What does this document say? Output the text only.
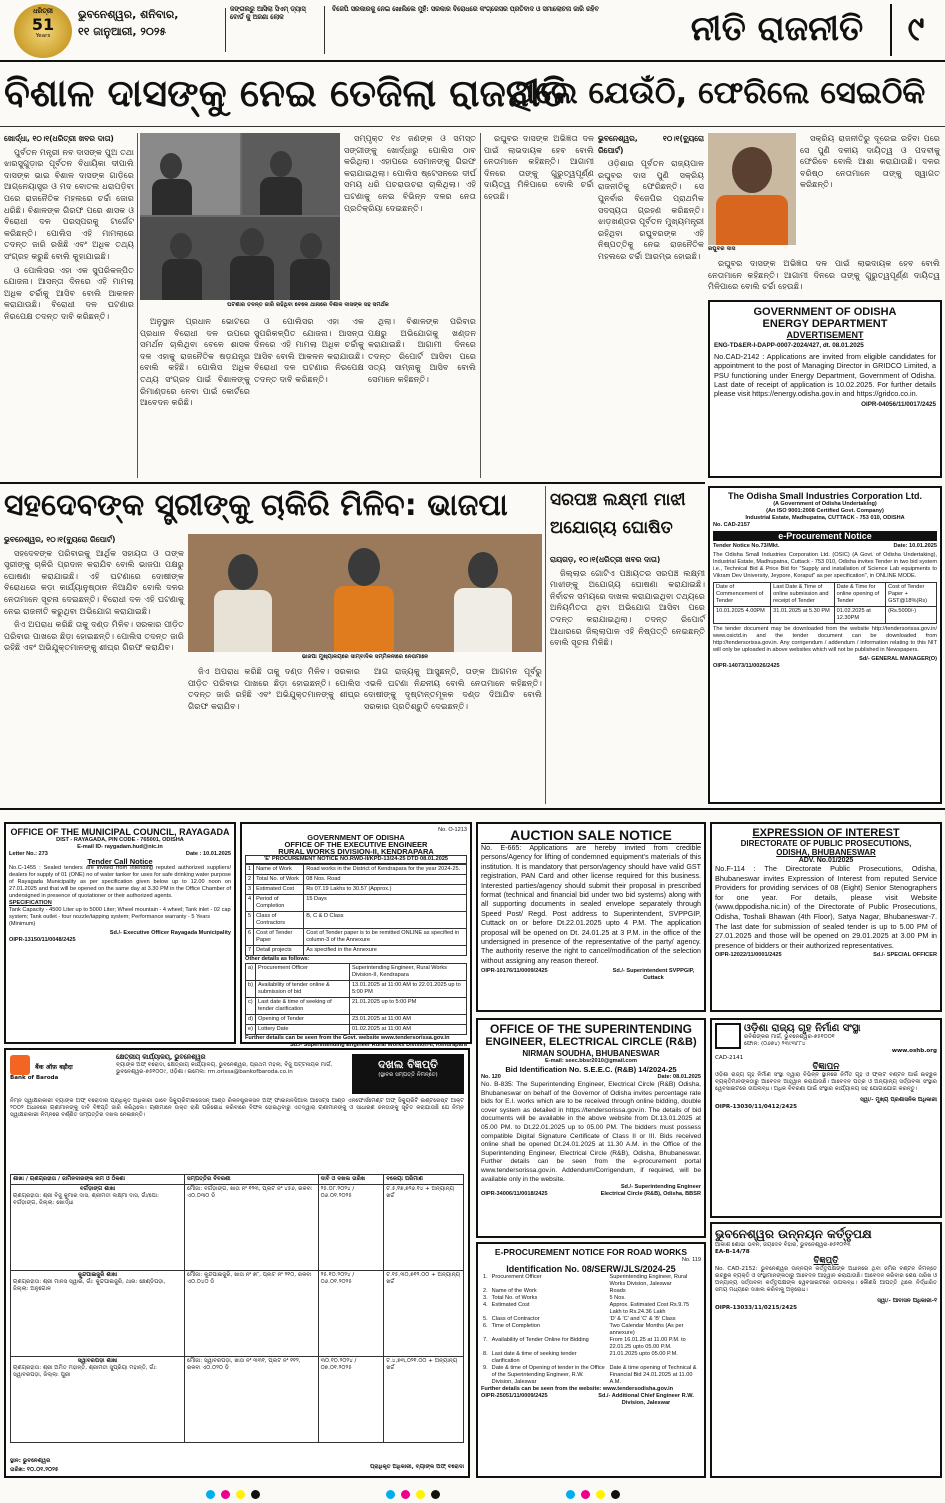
ଧରିତ୍ରୀ
51
Years
ଭୁବନେଶ୍ୱର, ଶନିବାର,
୧୧ ଜାନୁଆରୀ, ୨୦୨୫
ଜଙ୍ଗଲରୁ ଆସିଲା ସିଏମ୍ ଡ୍ୟାସ୍ ବୋର୍ଡ କୁ ଅଜଣା ଲୋକ
ବିଜେପି ସରକାରକୁ ନେଇ ଖୋଲିଲେ ମୁହଁ: ସରକାର ବିରୋଧରେ କଂଗ୍ରେସର ପ୍ରତିବାଦ ଓ ସମାଲୋଚନା ଜାରି ରହିବ	ନୀତି ରାଜନୀତି	୯
ବିଶାଳ ଦାସଙ୍କୁ ନେଇ ତେଜିଲା ରାଜନୀତି
ଥିଲେ ଯେଉଁଠି, ଫେରିଲେ ସେଇଠିକି
ଖୋର୍ଦ୍ଧା, ୧୦।୧(ଧରିତ୍ରୀ ଖବର ଦାତା)

ପୁର୍ବତନ ମନ୍ତ୍ରୀ ନବ ଦାସଙ୍କ ପୁଅ ତଥା ଝାରସୁଗୁଡ଼ାର ପୂର୍ବତନ ବିଧାୟିକା ଦୀପାଲି ଦାସଙ୍କ ଭାଇ ବିଶାଳ ଦାସଙ୍କ ଗାଡ଼ିରେ ଆଗ୍ନେୟାସ୍ତ୍ର ଓ ମଦ ବୋତଲ ଧରାପଡ଼ିବା ପରେ ରାଜନୈତିକ ମହଲରେ ଚର୍ଚ୍ଚା ଜୋର ଧରିଛି। ବିଶାଳଙ୍କ ଗିରଫ ପରେ ଶାସକ ଓ ବିରୋଧୀ ଦଳ ପରସ୍ପରକୁ ଟାର୍ଗେଟ କରିଛନ୍ତି। ପୋଲିସ ଏହି ମାମଲାରେ ତଦନ୍ତ ଜାରି ରଖିଛି ଏବଂ ଅଧିକ ତଥ୍ୟ ସଂଗ୍ରହ କରୁଛି ବୋଲି କୁହାଯାଇଛି।

ଓ ପୋଲିସର ଏହା ଏକ ସୁପରିକଳ୍ପିତ ଯୋଜନା। ଆସନ୍ତା ଦିନରେ ଏହି ମାମଲା ଅଧିକ ଚର୍ଚ୍ଚାକୁ ଆସିବ ବୋଲି ଆକଳନ କରାଯାଉଛି। ବିରୋଧୀ ଦଳ ଘଟଣାର ନିରପେକ୍ଷ ତଦନ୍ତ ଦାବି କରିଛନ୍ତି।

ସମ୍ପୃକ୍ତ ୧୪ ଜଣଙ୍କ ଓ ସମସ୍ତ ସଙ୍ଗୀଙ୍କୁ ଖୋର୍ଦ୍ଧାରୁ ପୋଲିସ ଠାବ କରିଥିଲା। ଏହାପରେ ସେମାନଙ୍କୁ ଗିରଫ କରାଯାଇଥିଲା। ପୋଲିସ ଷ୍ଟେସନରେ ଦୀର୍ଘ ସମୟ ଧରି ପଚରାଉଚରା ଚାଲିଥିଲା। ଏହି ଘଟଣାକୁ ନେଇ ବିଭିନ୍ନ ଦଳର ନେତା ପ୍ରତିକ୍ରିୟା ଦେଇଛନ୍ତି।

ଘଟଣାର ତଦନ୍ତ ଜାରି ରହିଥିବା ବେଳେ ଥାନାରେ ବିଶାଳ ଦାସଙ୍କ ସହ ସମର୍ଥକ

ଅନୁସ୍ଥାନ ପ୍ରଧାନ ଭୋଟରେ ପ୍ରଧାନ ବିରୋଧୀ ଦଳ ଉପରେ ସମର୍ଥନ ଚାଲିଥିବା ବେଳେ ଶାସକ ଦଳ ଏହାକୁ ରାଜନୈତିକ ଷଡ଼ଯନ୍ତ୍ର ବୋଲି କହିଛି। ପୋଲିସ ଅଧିକ ତଥ୍ୟ ସଂଗ୍ରହ ପାଇଁ ବିଶାଳଙ୍କୁ ରିମାଣ୍ଡରେ ନେବା ପାଇଁ କୋର୍ଟରେ ଆବେଦନ କରିଛି।

ଓ ପୋଲିସର ଏହା ଏକ ସୁପରିକଳ୍ପିତ ଯୋଜନା। ଆସନ୍ତା ଦିନରେ ଏହି ମାମଲା ଅଧିକ ଚର୍ଚ୍ଚାକୁ ଆସିବ ବୋଲି ଆକଳନ କରାଯାଉଛି। ବିରୋଧୀ ଦଳ ଘଟଣାର ନିରପେକ୍ଷ ତଦନ୍ତ ଦାବି କରିଛନ୍ତି।

ଥିଲା। ବିଶାଳଙ୍କ ପରିବାର ପକ୍ଷରୁ ଅଭିଯୋଗକୁ ଖଣ୍ଡନ କରାଯାଇଛି। ଆଗାମୀ ଦିନରେ ତଦନ୍ତ ରିପୋର୍ଟ ଆସିବା ପରେ ସତ୍ୟ ସାମ୍ନାକୁ ଆସିବ ବୋଲି ସେମାନେ କହିଛନ୍ତି।

ରଘୁବର ଦାସଙ୍କ ଅଭିଜ୍ଞତା ଦଳ ପାଇଁ ଲାଭଦାୟକ ହେବ ବୋଲି ନେତାମାନେ କହିଛନ୍ତି। ଆଗାମୀ ଦିନରେ ତାଙ୍କୁ ଗୁରୁତ୍ୱପୂର୍ଣ୍ଣ ଦାୟିତ୍ୱ ମିଳିପାରେ ବୋଲି ଚର୍ଚ୍ଚା ହେଉଛି।

ଭୁବନେଶ୍ୱର, ୧୦।୧(ବ୍ୟୁରୋ ରିପୋର୍ଟ)

ଓଡ଼ିଶାର ପୂର୍ବତନ ରାଜ୍ୟପାଳ ରଘୁବର ଦାସ ପୁଣି ସକ୍ରିୟ ରାଜନୀତିକୁ ଫେରିଛନ୍ତି। ସେ ପୁନର୍ବାର ବିଜେପିର ପ୍ରାଥମିକ ସଦସ୍ୟତା ଗ୍ରହଣ କରିଛନ୍ତି। ଝାଡ଼ଖଣ୍ଡର ପୂର୍ବତନ ମୁଖ୍ୟମନ୍ତ୍ରୀ ରହିଥିବା ରଘୁବରଙ୍କ ଏହି ନିଷ୍ପତ୍ତିକୁ ନେଇ ରାଜନୈତିକ ମହଲରେ ଚର୍ଚ୍ଚା ଆରମ୍ଭ ହୋଇଛି।

ରଘୁବର ଦାସ

ସକ୍ରିୟ ରାଜନୀତିରୁ ଦୂରେଇ ରହିବା ପରେ ସେ ପୁଣି ଦଳୀୟ ଦାୟିତ୍ୱ ଓ ପଦବୀକୁ ଫେରିବେ ବୋଲି ଆଶା କରାଯାଉଛି। ଦଳର ବରିଷ୍ଠ ନେତାମାନେ ତାଙ୍କୁ ସ୍ୱାଗତ କରିଛନ୍ତି।

ରଘୁବର ଦାସଙ୍କ ଅଭିଜ୍ଞତା ଦଳ ପାଇଁ ଲାଭଦାୟକ ହେବ ବୋଲି ନେତାମାନେ କହିଛନ୍ତି। ଆଗାମୀ ଦିନରେ ତାଙ୍କୁ ଗୁରୁତ୍ୱପୂର୍ଣ୍ଣ ଦାୟିତ୍ୱ ମିଳିପାରେ ବୋଲି ଚର୍ଚ୍ଚା ହେଉଛି।

GOVERNMENT OF ODISHA
ENERGY DEPARTMENT
ADVERTISEMENT
ENG-TD&ER-I-DAPP-0007-2024/427, dt. 08.01.2025
No.CAD-2142 : Applications are invited from eligible candidates for appointment to the post of Managing Director in GRIDCO Limited, a PSU functioning under Energy Department, Government of Odisha. Last date of receipt of application is 10.02.2025. For further details please visit https://energy.odisha.gov.in and https://gridco.co.in.
OIPR-04056/11/0017/2425
ସହଦେବଙ୍କ ସ୍ତ୍ରୀଙ୍କୁ ଚାକିରି ମିଳିବ: ଭାଜପା
ଭୁବନେଶ୍ୱର, ୧୦।୧(ବ୍ୟୁରୋ ରିପୋର୍ଟ)

ସହଦେବଙ୍କ ପରିବାରକୁ ଆର୍ଥିକ ସହାୟତା ଓ ତାଙ୍କ ସ୍ତ୍ରୀଙ୍କୁ ଚାକିରି ପ୍ରଦାନ କରାଯିବ ବୋଲି ଭାଜପା ପକ୍ଷରୁ ଘୋଷଣା କରାଯାଇଛି। ଏହି ଘଟଣାରେ ଦୋଷୀଙ୍କ ବିରୋଧରେ କଡ଼ା କାର୍ଯ୍ୟାନୁଷ୍ଠାନ ନିଆଯିବ ବୋଲି ଦଳର ନେତାମାନେ ସୂଚନା ଦେଇଛନ୍ତି। ବିରୋଧୀ ଦଳ ଏହି ଘଟଣାକୁ ନେଇ ରାଜନୀତି କରୁଥିବା ଅଭିଯୋଗ କରାଯାଇଛି।

ଜିଏ ଅପରାଧ କରିଛି ତାକୁ ଦଣ୍ଡ ମିଳିବ। ସରକାର ପୀଡ଼ିତ ପରିବାର ପାଖରେ ଛିଡ଼ା ହୋଇଛନ୍ତି। ପୋଲିସ ତଦନ୍ତ ଜାରି ରହିଛି ଏବଂ ଅଭିଯୁକ୍ତମାନଙ୍କୁ ଶୀଘ୍ର ଗିରଫ କରାଯିବ।

ଭାଜପା ମୁଖ୍ୟାଳୟରେ ସାମ୍ବାଦିକ ସମ୍ମିଳନୀରେ ନେତାମାନେ

ଜିଏ ଅପରାଧ କରିଛି ତାକୁ ଦଣ୍ଡ ମିଳିବ। ସରକାର ପୀଡ଼ିତ ପରିବାର ପାଖରେ ଛିଡ଼ା ହୋଇଛନ୍ତି। ପୋଲିସ ତଦନ୍ତ ଜାରି ରହିଛି ଏବଂ ଅଭିଯୁକ୍ତମାନଙ୍କୁ ଶୀଘ୍ର ଗିରଫ କରାଯିବ।

ଆଗ ରାଜ୍ୟକୁ ଆସୁଛନ୍ତି, ତାଙ୍କ ଆଗମନ ପୂର୍ବରୁ ଏଭଳି ଘଟଣା ନିନ୍ଦନୀୟ ବୋଲି ନେତାମାନେ କହିଛନ୍ତି। ଦୋଷୀଙ୍କୁ ଦୃଷ୍ଟାନ୍ତମୂଳକ ଦଣ୍ଡ ଦିଆଯିବ ବୋଲି ସରକାର ପ୍ରତିଶ୍ରୁତି ଦେଇଛନ୍ତି।

ସରପଞ୍ଚ ଲକ୍ଷ୍ମୀ ମାଝୀ ଅଯୋଗ୍ୟ ଘୋଷିତ
ରାୟଗଡ଼, ୧୦।୧(ଧରିତ୍ରୀ ଖବର ଦାତା)

ଜିଲ୍ଲାର ଗୋଟିଏ ପଞ୍ଚାୟତର ସରପଞ୍ଚ ଲକ୍ଷ୍ମୀ ମାଝୀଙ୍କୁ ଅଯୋଗ୍ୟ ଘୋଷଣା କରାଯାଇଛି। ନିର୍ବାଚନ ସମୟରେ ଦାଖଲ କରାଯାଇଥିବା ତଥ୍ୟରେ ଅନିୟମିତତା ଥିବା ଅଭିଯୋଗ ଆସିବା ପରେ ତଦନ୍ତ କରାଯାଇଥିଲା। ତଦନ୍ତ ରିପୋର୍ଟ ଆଧାରରେ ଜିଲ୍ଲାପାଳ ଏହି ନିଷ୍ପତ୍ତି ନେଇଛନ୍ତି ବୋଲି ସୂଚନା ମିଳିଛି।

The Odisha Small Industries Corporation Ltd.
(A Government of Odisha Undertaking)
(An ISO 9001:2008 Certified Govt. Company)
Industrial Estate, Madhupatna, CUTTACK - 753 010, ODISHA
No. CAD-2157
e-Procurement Notice
Tender Notice No.73/Mkt.	Date: 10.01.2025
The Odisha Small Industries Corporation Ltd. (OSIC) (A Govt. of Odisha Undertaking), Industrial Estate, Madhupatna, Cuttack - 753 010, Odisha invites Tender in two bid system i.e., Technical Bid & Price Bid for "Supply and installation of Science Lab equipments to Vikram Dev University, Jeypore, Koraput" as per specification", in ONLINE MODE.
Date of Commencement of Tender	Last Date & Time of online submission and receipt of Tender	Date & Time for online opening of Tender	Cost of Tender Paper + GST@18%(Rs)
10.01.2025 4.00PM	31.01.2025 at 5.30 PM	01.02.2025 at 12.30PM	(Rs.5000/-)
The tender document may be downloaded from the website http://tendersorissa.gov.in/ www.osictd.in and the tender document can be downloaded from http://tendersorissa.gov.in. Any corrigendum / addendum / information relating to this NIT will only be uploaded in above websites which will not be published in Newspapers.
Sd/- GENERAL MANAGER(O)
OIPR-14073/11/0026/2425
OFFICE OF THE MUNICIPAL COUNCIL, RAYAGADA
DIST - RAYAGADA, PIN CODE - 765001, ODISHA
E-mail ID- raygadam.hud@nic.in
Letter No.: 273	Date : 10.01.2025
Tender Call Notice
No.C-1455 : Sealed tenders are invited from intending reputed authorized suppliers/ dealers for supply of 01 (ONE) no of water tanker for uses for safe drinking water purpose of Rayagada Municipality as per specification given below up to 12.00 noon on 27.01.2025 and that will be opened on the same day at 3.30 PM in the Office Chamber of undersigned in presence of quotationer or their authorized agents.
SPECIFICATION
Tank Capacity - 4500 Liter up to 5000 Liter; Wheel mountain - 4 wheel; Tank inlet - 02 cap system; Tank outlet - four nozzle/tapping system; Performance warranty - 5 Years (Minimum)
Sd./- Executive Officer Rayagada Municipality
OIPR-13150/11/0048/2425
No. O-1213
GOVERNMENT OF ODISHA
OFFICE OF THE EXECUTIVE ENGINEER
RURAL WORKS DIVISION-II, KENDRAPARA
'E' PROCUREMENT NOTICE NO.RWD-II/KPD-13/24-25 DTD 08.01.2025
1	Name of Work	Road works in the District of Kendrapara for the year 2024-25.
2	Total No. of Work	08 Nos. Road
3	Estimated Cost	Rs 07.19 Lakhs to 30.57 (Approx.)
4	Period of Completion	15 Days
5	Class of Contractors	B, C & D Class
6	Cost of Tender Paper	Cost of Tender paper is to be remitted ONLINE as specified in column-3 of the Annexure
7	Detail projects	As specified in the Annexure
Other details as follows:
a)	Procurement Officer	Superintending Engineer, Rural Works Division-II, Kendrapara
b)	Availability of tender online & submission of bid	13.01.2025 at 11:00 AM to 22.01.2025 up to 5:00 PM
c)	Last date & time of seeking of tender clarification	21.01.2025 up to 5:00 PM
d)	Opening of Tender	23.01.2025 at 11:00 AM
e)	Lottery Date	01.02.2025 at 11:00 AM
Further details can be seen from the Govt. website www.tendersorissa.gov.in
Sd./- Superintending Engineer Rural Works Division-II, Kendrapara
AUCTION SALE NOTICE
No. E-665: Applications are hereby invited from credible persons/Agency for lifting of condemned equipment's materials of this institution. It is mandatory that person/agency should have valid GST registration, PAN Card and other license required for this business. Interested parties/agency should submit their proposal in prescribed format (technical and financial bid under two bid systems) along with all supporting documents in sealed envelope separately through Speed Post/ Regd. Post address to Superintendent, SVPPGIP, Cuttack on or before Dt.22.01.2025 upto 4 P.M. The application proposal will be opened on Dt. 24.01.25 at 3 P.M. in the office of the undersigned in presence of the representative of the party/ agency. The authority reserve the right to cancel/modification of the selection without assigning any reason thereof.
OIPR-10176/11/0009/2425	Sd./- Superintendent SVPPGIP, Cuttack
EXPRESSION OF INTEREST
DIRECTORATE OF PUBLIC PROSECUTIONS,
ODISHA, BHUBANESWAR
ADV. No.01/2025
No.F-114 : The Directorate Public Prosecutions, Odisha, Bhubaneswar invites Expression of Interest from reputed Service Providers for providing services of 08 (Eight) Senior Stenographers for one year. For details, please visit Website (www.dppodisha.nic.in) of the Directorate of Public Prosecutions, Odisha, Toshali Bhawan (4th Floor), Satya Nagar, Bhubaneswar-7. The last date for submission of sealed tender is up to 5.00 PM of 27.01.2025 and those will be opened on 29.01.2025 at 3.00 PM in presence of bidders or their authorized representatives.
OIPR-12022/11/0001/2425	Sd./- SPECIAL OFFICER
बैंक ऑफ़ बड़ौदा
Bank of Baroda
କ୍ଷେତ୍ରୀୟ କାର୍ଯ୍ୟାଳୟ, ଭୁବନେଶ୍ୱର
ବ୍ୟାଙ୍କ ଅଫ୍ ବରୋଦା, କ୍ଷେତ୍ରୀୟ କାର୍ଯ୍ୟାଳୟ, ଭୁବନେଶ୍ୱର, ପ୍ରଥମ ମହଲା, ବିଜୁ ପଟ୍ଟନାୟକ ମାର୍ଗ, ଭୁବନେଶ୍ୱର-୭୫୧୦୦୯, ଓଡ଼ିଶା। ଇମେଲ: rm.orissa@bankofbaroda.co.in
ଦଖଲ ବିଜ୍ଞପ୍ତି
(ସ୍ଥାବର ସମ୍ପତ୍ତି ନିମନ୍ତେ)
ନିମ୍ନ ସ୍ୱାକ୍ଷରକାରୀ ବ୍ୟାଙ୍କ ଅଫ୍ ବରୋଦାର ପ୍ରାଧିକୃତ ଅଧିକାରୀ ଭାବେ ସିକ୍ୟୁରିଟାଇଜେସନ୍ ଆଣ୍ଡ ରିକନଷ୍ଟ୍ରକସନ ଅଫ୍ ଫାଇନାନସିଆଲ ଆସେଟ୍ସ ଆଣ୍ଡ ଏନଫୋର୍ସମେଣ୍ଟ ଅଫ୍ ସିକ୍ୟୁରିଟି ଇଣ୍ଟରେଷ୍ଟ ଆକ୍ଟ ୨୦୦୨ ଅଧୀନରେ ଋଣୀମାନଙ୍କୁ ଦାବି ବିଜ୍ଞପ୍ତି ଜାରି କରିଥିଲେ। ଋଣୀମାନେ ଉକ୍ତ ରାଶି ପରିଶୋଧ କରିବାରେ ବିଫଳ ହୋଇଥିବାରୁ ଏତଦ୍ୱାରା ଋଣୀମାନଙ୍କୁ ଓ ସାଧାରଣ ଜନତାଙ୍କୁ ସୂଚିତ କରାଯାଉଛି ଯେ ନିମ୍ନ ସ୍ୱାକ୍ଷରକାରୀ ନିମ୍ନରେ ବର୍ଣ୍ଣିତ ସମ୍ପତ୍ତିର ଦଖଲ ନେଇଛନ୍ତି।
ଶାଖା / ଋଣଗ୍ରହୀତା / ଜାମିନଦାରଙ୍କ ନାମ ଓ ଠିକଣା	ସମ୍ପତ୍ତିର ବିବରଣୀ	ଦାବି ଓ ଦଖଲ ତାରିଖ	ବକେୟା ପରିମାଣ

ବର୍ଗଡ଼ାଙ୍ଗ ଶାଖା
ଋଣଗ୍ରହୀତା: ଶ୍ରୀ ବିଜୁ କୁମାର ଦାସ, ଶ୍ରୀମତୀ ଲକ୍ଷ୍ମୀ ଦାସ, ଗାଁ/ପୋ: ବର୍ଗଡ଼ାଙ୍ଗ, ଜିଲ୍ଲା: ଖୋର୍ଦ୍ଧା	ମୌଜା: ବର୍ଗଡ଼ାଙ୍ଗ, ଖାତା ନଂ ୧୨୩, ପ୍ଲଟ ନଂ ୪୫୬, ରକବା ଏ୦.୦୩୦ ଡି	୨୫.୦୮.୨୦୨୪ / ୦୬.୦୧.୨୦୨୫	ଟ.୫,୧୭,୭୨୬.୧୪ + ଅନ୍ୟାନ୍ୟ ଖର୍ଚ୍ଚ

କୁନ୍ଦପାଇଜୁରି ଶାଖା
ଋଣଗ୍ରହୀତା: ଶ୍ରୀ ମାନସ ସ୍ୱାଇଁ, ଗାଁ: କୁନ୍ଦପାଇଜୁରି, ଥାନା: ଛେଣ୍ଡିପଡ଼ା, ଜିଲ୍ଲା: ଅନୁଗୋଳ	ମୌଜା: କୁନ୍ଦପାଇଜୁରି, ଖାତା ନଂ ୭୮, ପ୍ଲଟ ନଂ ୨୧୦, ରକବା ଏ୦.୦୪୦ ଡି	୨୫.୧୦.୨୦୨୪ / ୦୬.୦୧.୨୦୨୫	ଟ.୧୫,୩୦,୭୧୨.୦୦ + ଅନ୍ୟାନ୍ୟ ଖର୍ଚ୍ଚ

ସ୍ୱାବରପଡ଼ା ଶାଖା
ଋଣଗ୍ରହୀତା: ଶ୍ରୀ ଅମିତ ମହାନ୍ତି, ଶ୍ରୀମତୀ ସୁପ୍ରିୟା ମହାନ୍ତି, ଗାଁ: ସ୍ୱାବରପଡ଼ା, ଜିଲ୍ଲା: ପୁରୀ	ମୌଜା: ସ୍ୱାବରପଡ଼ା, ଖାତା ନଂ ୩୩୧, ପ୍ଲଟ ନଂ ୧୧୨, ରକବା ଏ୦.୦୨୦ ଡି	୩୦.୧୦.୨୦୨୪ / ୦୭.୦୧.୨୦୨୫	ଟ.୪,୭୩,୦୨୧.୦୦ + ଅନ୍ୟାନ୍ୟ ଖର୍ଚ୍ଚ
ସ୍ଥାନ: ଭୁବନେଶ୍ୱର
ତାରିଖ: ୧୦.୦୧.୨୦୨୫	ପ୍ରାଧିକୃତ ଅଧିକାରୀ, ବ୍ୟାଙ୍କ ଅଫ୍ ବରୋଦା
OFFICE OF THE SUPERINTENDING
ENGINEER, ELECTRICAL CIRCLE (R&B)
NIRMAN SOUDHA, BHUBANESWAR
E-mail: seec.bbsr2010@gmail.com
Bid Identification No. S.E.E.C. (R&B) 14/2024-25
No. 120	Date: 08.01.2025
No. B-835: The Superintending Engineer, Electrical Circle (R&B) Odisha, Bhubaneswar on behalf of the Governor of Odisha invites percentage rate bids for E.I. works which are to be received through online bidding, double cover system as detailed in https://tendersorissa.gov.in. The details of bid documents will be available in the above website from Dt.13.01.2025 at 05.00 PM. to Dt.22.01.2025 up to 05.00 PM. The bidders must possess compatible Digital Signature Certificate of Class II or III. Bids received online shall be opened Dt.24.01.2025 at 11.30 A.M. in the Office of the Superintending Engineer, Electrical Circle (R&B), Odisha, Bhubaneswar. Further details can be seen from the e-procurement portal www.tendersorissa.gov.in. Addendum/Corrigendum, if required, will be available only in the website.
Sd./- Superintending Engineer
OIPR-34006/11/0018/2425	Electrical Circle (R&B), Odisha, BBSR
ଓଡ଼ିଶା ରାଜ୍ୟ ଗୃହ ନିର୍ମାଣ ସଂସ୍ଥା
ରବିଶଙ୍କର ମାର୍ଗ, ଭୁବନେଶ୍ୱର-୭୫୧୦୦୧
ଫୋନ: (୦୬୭୪) ୨୩୯୩୮୮୪
www.oshb.org
CAD-2141
ବିଜ୍ଞାପନ
ଓଡ଼ିଶା ରାଜ୍ୟ ଗୃହ ନିର୍ମାଣ ସଂସ୍ଥା ଦ୍ୱାରା ବିଭିନ୍ନ ସ୍ଥାନରେ ନିର୍ମିତ ଗୃହ ଓ ଫ୍ଲାଟ ବଣ୍ଟନ ପାଇଁ ଇଚ୍ଛୁକ ବ୍ୟକ୍ତିମାନଙ୍କଠାରୁ ଆବେଦନ ଆହ୍ୱାନ କରାଯାଉଛି। ଆବେଦନ ପତ୍ର ଓ ଅନ୍ୟାନ୍ୟ ସର୍ତ୍ତାବଳୀ ସଂସ୍ଥାର ୱେବସାଇଟରେ ଉପଲବ୍ଧ। ଅଧିକ ବିବରଣୀ ପାଇଁ ସଂସ୍ଥାର କାର୍ଯ୍ୟାଳୟ ସହ ଯୋଗାଯୋଗ କରନ୍ତୁ।
ସ୍ୱା/- ମୁଖ୍ୟ ପ୍ରଶାସନିକ ଅଧିକାରୀ
OIPR-13030/11/0412/2425
E-PROCUREMENT NOTICE FOR ROAD WORKS
No. 119
Identification No. 08/SERW/JLS/2024-25
1.	Procurement Officer	Superintending Engineer, Rural Works Division, Jaleswar
2.	Name of the Work	Roads
3.	Total No. of Works	5 Nos.
4.	Estimated Cost	Approx. Estimated Cost Rs.9.75 Lakh to Rs.24.36 Lakh
5.	Class of Contractor	'D' & 'C' and 'C' & 'B' Class
6.	Time of Completion	Two Calendar Months (As per annexure)
7.	Availability of Tender Online for Bidding	From 16.01.25 at 11.00 P.M. to 22.01.25 upto 05.00 P.M.
8.	Last date & time of seeking tender clarification	21.01.2025 upto 05.00 P.M.
9.	Date & time of Opening of tender in the Office of the Superintending Engineer, R.W. Division, Jaleswar	Date & time opening of Technical & Financial Bid 24.01.2025 at 11.00 A.M.
Further details can be seen from the website: www.tendersodisha.gov.in
OIPR-25051/11/0009/2425	Sd./- Additional Chief Engineer R.W. Division, Jaleswar
ଭୁବନେଶ୍ୱର ଉନ୍ନୟନ କର୍ତ୍ତୃପକ୍ଷ
ଆକାଶ ଶୋଭା ଭବନ, ଜୟଦେବ ବିହାର, ଭୁବନେଶ୍ୱର-୭୫୧୦୧୩
EA-B-14/78
ବିଜ୍ଞପ୍ତି
No. CAD-2152: ଭୁବନେଶ୍ୱର ଉନ୍ନୟନ କର୍ତ୍ତୃପକ୍ଷଙ୍କ ଅଧୀନରେ ଥିବା ଜମିର ବଣ୍ଟନ ନିମନ୍ତେ ଇଚ୍ଛୁକ ବ୍ୟକ୍ତି ଓ ସଂସ୍ଥାମାନଙ୍କଠାରୁ ଆବେଦନ ଆହ୍ୱାନ କରାଯାଉଛି। ଆବେଦନ କରିବାର ଶେଷ ତାରିଖ ଓ ଅନ୍ୟାନ୍ୟ ସର୍ତ୍ତାବଳୀ କର୍ତ୍ତୃପକ୍ଷଙ୍କ ୱେବସାଇଟରେ ଉପଲବ୍ଧ। କୌଣସି ଆପତ୍ତି ଥିଲେ ନିର୍ଦ୍ଧାରିତ ସମୟ ମଧ୍ୟରେ ଦାଖଲ କରିବାକୁ ଅନୁରୋଧ।
ସ୍ୱା/- ଆବାସନ ଅଧିକାରୀ-୧
OIPR-13033/11/0215/2425
